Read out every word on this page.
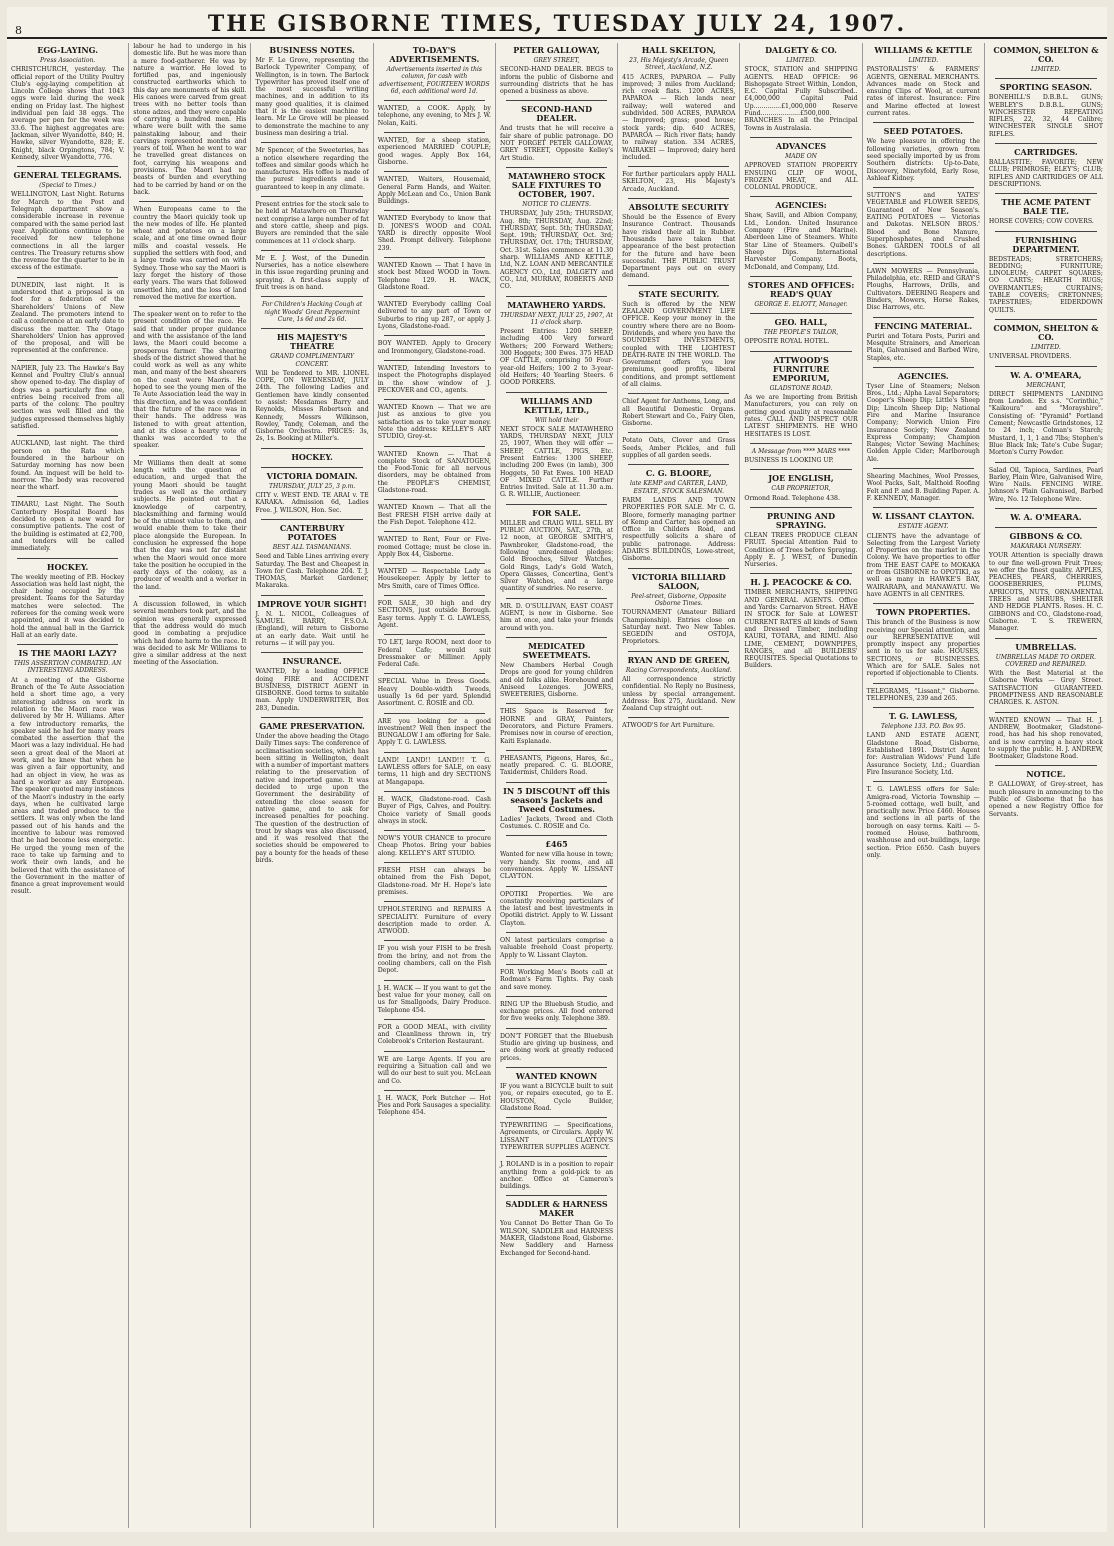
8	THE GISBORNE TIMES, TUESDAY JULY 24, 1907.
EGG-LAYING.
Press Association.
CHRISTCHURCH, yesterday. The official report of the Utility Poultry Club's egg-laying competition at Lincoln College shows that 1043 eggs were laid during the week ending on Friday last. The highest individual pen laid 38 eggs. The average per pen for the week was 33.6. The highest aggregates are: Jackman, silver Wyandotte, 840; H. Hawke, silver Wyandotte, 828; E. Knight, black Orpingtons, 784; V. Kennedy, silver Wyandotte, 776.
GENERAL TELEGRAMS.
(Special to Times.)
WELLINGTON, Last Night. Returns for March to the Post and Telegraph department show a considerable increase in revenue compared with the same period last year. Applications continue to be received for new telephone connections in all the larger centres. The Treasury returns show the revenue for the quarter to be in excess of the estimate.
DUNEDIN, last night. It is understood that a proposal is on foot for a federation of the Shareholders' Unions of New Zealand. The promoters intend to call a conference at an early date to discuss the matter. The Otago Shareholders' Union has approved of the proposal, and will be represented at the conference.
NAPIER, July 23. The Hawke's Bay Kennel and Poultry Club's annual show opened to-day. The display of dogs was a particularly fine one, entries being received from all parts of the colony. The poultry section was well filled and the judges expressed themselves highly satisfied.
AUCKLAND, last night. The third person on the Rata which foundered in the harbour on Saturday morning has now been found. An inquest will be held to-morrow. The body was recovered near the wharf.
TIMARU, Last Night. The South Canterbury Hospital Board has decided to open a new ward for consumptive patients. The cost of the building is estimated at £2,700, and tenders will be called immediately.
HOCKEY.
The weekly meeting of P.B. Hockey Association was held last night, the chair being occupied by the president. Teams for the Saturday matches were selected. The referees for the coming week were appointed, and it was decided to hold the annual ball in the Garrick Hall at an early date.
IS THE MAORI LAZY?
THIS ASSERTION COMBATED. AN INTERESTING ADDRESS.
At a meeting of the Gisborne Branch of the Te Aute Association held a short time ago, a very interesting address on work in relation to the Maori race was delivered by Mr H. Williams. After a few introductory remarks, the speaker said he had for many years combated the assertion that the Maori was a lazy individual. He had seen a great deal of the Maori at work, and he knew that when he was given a fair opportunity, and had an object in view, he was as hard a worker as any European. The speaker quoted many instances of the Maori's industry in the early days, when he cultivated large areas and traded produce to the settlers. It was only when the land passed out of his hands and the incentive to labour was removed that he had become less energetic. He urged the young men of the race to take up farming and to work their own lands, and he believed that with the assistance of the Government in the matter of finance a great improvement would result.
labour he had to undergo in his domestic life. But he was more than a mere food-gatherer. He was by nature a warrior. He loved to fortified pas, and ingeniously constructed earthworks which to this day are monuments of his skill. His canoes were carved from great trees with no better tools than stone adzes, and they were capable of carrying a hundred men. His whare were built with the same painstaking labour, and their carvings represented months and years of toil. When he went to war he travelled great distances on foot, carrying his weapons and provisions. The Maori had no beasts of burden and everything had to be carried by hand or on the back.
When Europeans came to the country the Maori quickly took up the new modes of life. He planted wheat and potatoes on a large scale, and at one time owned flour mills and coastal vessels. He supplied the settlers with food, and a large trade was carried on with Sydney. Those who say the Maori is lazy forget the history of those early years. The wars that followed unsettled him, and the loss of land removed the motive for exertion.
The speaker went on to refer to the present condition of the race. He said that under proper guidance and with the assistance of the land laws, the Maori could become a prosperous farmer. The shearing sheds of the district showed that he could work as well as any white man, and many of the best shearers on the coast were Maoris. He hoped to see the young men of the Te Aute Association lead the way in this direction, and he was confident that the future of the race was in their hands. The address was listened to with great attention, and at its close a hearty vote of thanks was accorded to the speaker.
Mr Williams then dealt at some length with the question of education, and urged that the young Maori should be taught trades as well as the ordinary subjects. He pointed out that a knowledge of carpentry, blacksmithing and farming would be of the utmost value to them, and would enable them to take their place alongside the European. In conclusion he expressed the hope that the day was not far distant when the Maori would once more take the position he occupied in the early days of the colony, as a producer of wealth and a worker in the land.
A discussion followed, in which several members took part, and the opinion was generally expressed that the address would do much good in combating a prejudice which had done harm to the race. It was decided to ask Mr Williams to give a similar address at the next meeting of the Association.
BUSINESS NOTES.
Mr F. Le Grove, representing the Barlock Typewriter Company, of Wellington, is in town. The Barlock Typewriter has proved itself one of the most successful writing machines, and in addition to its many good qualities, it is claimed that it is the easiest machine to learn. Mr Le Grove will be pleased to demonstrate the machine to any business man desiring a trial.
Mr Spencer, of the Sweeteries, has a notice elsewhere regarding the toffees and similar goods which he manufactures. His toffee is made of the purest ingredients and is guaranteed to keep in any climate.
Present entries for the stock sale to be held at Matawhero on Thursday next comprise a large number of fat and store cattle, sheep and pigs. Buyers are reminded that the sale commences at 11 o'clock sharp.
Mr E. J. West, of the Dunedin Nurseries, has a notice elsewhere in this issue regarding pruning and spraying. A first-class supply of fruit trees is on hand.
For Children's Hacking Cough at night Woods' Great Peppermint Cure, 1s 6d and 2s 6d.
HIS MAJESTY'S THEATRE
GRAND COMPLIMENTARY CONCERT.
Will be Tendered to MR. LIONEL COPE, ON WEDNESDAY, JULY 24th. The following Ladies and Gentlemen have kindly consented to assist: Mesdames Barry and Reynolds, Misses Robertson and Kennedy, Messrs Wilkinson, Rowley, Tandy, Coleman, and the Gisborne Orchestra. PRICES: 3s, 2s, 1s. Booking at Miller's.
HOCKEY.
VICTORIA DOMAIN.
THURSDAY, JULY 25, 3 p.m.
CITY v. WEST END. TE ARAI v. TE KARAKA. Admission 6d, Ladies Free. J. WILSON, Hon. Sec.
CANTERBURY POTATOES
BEST ALL TASMANIANS.
Seed and Table Lines arriving every Saturday. The Best and Cheapest in Town for Cash. Telephone 204. T. J. THOMAS, Market Gardener, Makaraka.
IMPROVE YOUR SIGHT!
J. N. L. NICOL, Colleagues of SAMUEL BARRY, F.S.O.A. (England), will return to Gisborne at an early date. Wait until he returns — it will pay you.
INSURANCE.
WANTED, by a leading OFFICE doing FIRE and ACCIDENT BUSINESS, DISTRICT AGENT in GISBORNE. Good terms to suitable man. Apply UNDERWRITER, Box 283, Dunedin.
GAME PRESERVATION.
Under the above heading the Otago Daily Times says: The conference of acclimatisation societies, which has been sitting in Wellington, dealt with a number of important matters relating to the preservation of native and imported game. It was decided to urge upon the Government the desirability of extending the close season for native game, and to ask for increased penalties for poaching. The question of the destruction of trout by shags was also discussed, and it was resolved that the societies should be empowered to pay a bounty for the heads of these birds.
TO-DAY'S ADVERTISEMENTS.
Advertisements inserted in this column, for cash with advertisement, FOURTEEN WORDS 6d, each additional word 1d.
WANTED, a COOK. Apply, by telephone, any evening, to Mrs J. W. Nolan, Kaiti.
WANTED, for a sheep station, experienced MARRIED COUPLE; good wages. Apply Box 164, Gisborne.
WANTED, Waiters, Housemaid, General Farm Hands, and Waiter. Apply McLean and Co., Union Bank Buildings.
WANTED Everybody to know that D. JONES'S WOOD and COAL YARD is directly opposite Wool Shed. Prompt delivery. Telephone 239.
WANTED Known — That I have in stock best Mixed WOOD in Town. Telephone 129. H. WACK, Gladstone Road.
WANTED Everybody calling Coal delivered to any part of Town or Suburbs to ring up 287, or apply J. Lyons, Gladstone-road.
BOY WANTED. Apply to Grocery and Ironmongery, Gladstone-road.
WANTED, Intending Investors to inspect the Photographs displayed in the show window of J. PECKOVER and CO., agents.
WANTED Known — That we are just as anxious to give you satisfaction as to take your money. Note the address: KELLEY'S ART STUDIO, Grey-st.
WANTED Known — That a complete Stock of SANATOGEN, the Food-Tonic for all nervous disorders, may be obtained from the PEOPLE'S CHEMIST, Gladstone-road.
WANTED Known — That all the Best FRESH FISH arrive daily at the Fish Depot. Telephone 412.
WANTED to Rent, Four or Five-roomed Cottage; must be close in. Apply Box 44, Gisborne.
WANTED — Respectable Lady as Housekeeper. Apply by letter to Mrs Smith, care of Times Office.
FOR SALE, 30 high and dry SECTIONS, just outside Borough. Easy terms. Apply T. G. LAWLESS, Agent.
TO LET, large ROOM, next door to Federal Cafe; would suit Dressmaker or Milliner. Apply Federal Cafe.
SPECIAL Value in Dress Goods. Heavy Double-width Tweeds, usually 1s 6d per yard. Splendid Assortment. C. ROSIE and CO.
ARE you looking for a good investment? Well then inspect the BUNGALOW I am offering for Sale. Apply T. G. LAWLESS.
LAND! LAND!! LAND!!! T. G. LAWLESS offers for SALE, on easy terms, 11 high and dry SECTIONS at Mangapapa.
H. WACK, Gladstone-road. Cash Buyer of Pigs, Calves, and Poultry. Choice variety of Small goods always in stock.
NOW'S YOUR CHANCE to procure Cheap Photos. Bring your babies along. KELLEY'S ART STUDIO.
FRESH FISH can always be obtained from the Fish Depot, Gladstone-road. Mr H. Hope's late premises.
UPHOLSTERING and REPAIRS A SPECIALITY. Furniture of every description made to order. A. ATWOOD.
IF you wish your FISH to be fresh from the briny, and not from the cooling chambers, call on the Fish Depot.
J. H. WACK — If you want to get the best value for your money, call on us for Smallgoods, Dairy Produce. Telephone 454.
FOR a GOOD MEAL, with civility and Cleanliness thrown in, try Colebrook's Criterion Restaurant.
WE are Large Agents. If you are requiring a Situation call and we will do our best to suit you. McLean and Co.
J. H. WACK, Pork Butcher — Hot Pies and Pork Sausages a speciality. Telephone 454.
PETER GALLOWAY,
GREY STREET,
SECOND-HAND DEALER. BEGS to inform the public of Gisborne and surrounding districts that he has opened a business as above.
SECOND-HAND DEALER.
And trusts that he will receive a fair share of public patronage. DO NOT FORGET PETER GALLOWAY, GREY STREET, Opposite Kelley's Art Studio.
MATAWHERO STOCK SALE FIXTURES TO OCTOBER, 1907.
NOTICE TO CLIENTS.
THURSDAY, July 25th; THURSDAY, Aug. 8th; THURSDAY, Aug. 22nd; THURSDAY, Sept. 5th; THURSDAY, Sept. 19th; THURSDAY, Oct. 3rd; THURSDAY, Oct. 17th; THURSDAY, Oct. 31st. Sales commence at 11.30 sharp. WILLIAMS AND KETTLE, Ltd, N.Z. LOAN AND MERCANTILE AGENCY CO., Ltd, DALGETY and CO., Ltd, MURRAY, ROBERTS AND CO.
MATAWHERO YARDS.
THURSDAY NEXT, JULY 25, 1907, At 11 o'clock sharp.
Present Entries: 1200 SHEEP, including 400 Very forward Wethers; 200 Forward Wethers; 300 Hoggets; 300 Ewes. 375 HEAD OF CATTLE, comprising 50 Four-year-old Heifers; 100 2 to 3-year-old Heifers; 40 Yearling Steers. 6 GOOD PORKERS.
WILLIAMS AND KETTLE, LTD.,
Will hold their
NEXT STOCK SALE MATAWHERO YARDS, THURSDAY NEXT, JULY 25, 1907, When they will offer — SHEEP, CATTLE, PIGS, Etc. Present Entries: 1300 SHEEP, including 200 Ewes (in lamb), 300 Hoggets, 50 Fat Ewes. 100 HEAD OF MIXED CATTLE. Further Entries Invited. Sale at 11.30 a.m. G. R. WILLIE, Auctioneer.
FOR SALE.
MILLER and CRAIG WILL SELL BY PUBLIC AUCTION, SAT., 27th, at 12 noon, at GEORGE SMITH'S, Pawnbroker, Gladstone-road, the following unredeemed pledges: Gold Brooches, Silver Watches, Gold Rings, Lady's Gold Watch, Opera Glasses, Concertina, Gent's Silver Watches, and a large quantity of sundries. No reserve.
MR. D. O'SULLIVAN, EAST COAST AGENT, is now in Gisborne. See him at once, and take your friends around with you.
MEDICATED SWEETMEATS.
New Chambers Herbal Cough Drops are good for young children and old folks alike. Horehound and Aniseed Lozenges. JOWERS, SWEETERIES, Gisborne.
THIS Space is Reserved for HORNE and GRAY, Painters, Decorators, and Picture Framers. Premises now in course of erection, Kaiti Esplanade.
PHEASANTS, Pigeons, Hares, &c., neatly prepared. C. G. BLOORE, Taxidermist, Childers Road.
IN 5 DISCOUNT off this season's Jackets and Tweed Costumes.
Ladies' Jackets, Tweed and Cloth Costumes. C. ROSIE and Co.
£465
Wanted for new villa house in town; very handy. Six rooms, and all conveniences. Apply W. LISSANT CLAYTON.
OPOTIKI Properties. We are constantly receiving particulars of the latest and best investments in Opotiki district. Apply to W. Lissant Clayton.
ON latest particulars comprise a valuable freehold Coast property. Apply to W. Lissant Clayton.
FOR Working Men's Boots call at Rodman's Farm Tights. Pay cash and save money.
RING UP the Bluebush Studio, and exchange prices. All food entered for five weeks only. Telephone 389.
DON'T FORGET that the Bluebush Studio are giving up business, and are doing work at greatly reduced prices.
WANTED KNOWN
IF you want a BICYCLE built to suit you, or repairs executed, go to E. HOUSTON, Cycle Builder, Gladstone Road.
TYPEWRITING — Specifications, Agreements, or Circulars. Apply W. LISSANT CLAYTON'S TYPEWRITER SUPPLIES AGENCY.
J. ROLAND is in a position to repair anything from a gold-pick to an anchor. Office at Cameron's buildings.
SADDLER & HARNESS MAKER
You Cannot Do Better Than Go To WILSON, SADDLER and HARNESS MAKER, Gladstone Road, Gisborne. New Saddlery and Harness Exchanged for Second-hand.
HALL SKELTON,
23, His Majesty's Arcade, Queen Street, Auckland, N.Z.
415 ACRES, PAPAROA — Fully improved; 3 miles from Auckland; rich creek flats. 1200 ACRES, PAPAROA — Rich lands near railway; well watered and subdivided. 500 ACRES, PAPAROA — Improved; grass; good house; stock yards; dip. 640 ACRES, PAPAROA — Rich river flats; handy to railway station. 334 ACRES, WAIRAKEI — Improved; dairy herd included.
For further particulars apply HALL SKELTON, 23, His Majesty's Arcade, Auckland.
ABSOLUTE SECURITY
Should be the Essence of Every Insurance Contract. Thousands have risked their all in Rubber. Thousands have taken that appearance of the best protection for the future and have been successful. THE PUBLIC TRUST Department pays out on every demand.
STATE SECURITY.
Such is offered by the NEW ZEALAND GOVERNMENT LIFE OFFICE. Keep your money in the country where there are no Boom-Dividends, and where you have the SOUNDEST INVESTMENTS, coupled with THE LIGHTEST DEATH-RATE IN THE WORLD. The Government offers you low premiums, good profits, liberal conditions, and prompt settlement of all claims.
Chief Agent for Anthems, Long, and all Beautiful Domestic Organs. Robert Stewart and Co., Fairy Glen, Gisborne.
Potato Oats, Clover and Grass Seeds, Amber Pickles, and full supplies of all garden seeds.
C. G. BLOORE,
late KEMP and CARTER, LAND, ESTATE, STOCK SALESMAN.
FARM LANDS AND TOWN PROPERTIES FOR SALE. Mr C. G. Bloore, formerly managing partner of Kemp and Carter, has opened an Office in Childers Road, and respectfully solicits a share of public patronage. Address: ADAIR'S BUILDINGS, Lowe-street, Gisborne.
VICTORIA BILLIARD SALOON,
Peel-street, Gisborne, Opposite Osborne Times.
TOURNAMENT (Amateur Billiard Championship). Entries close on Saturday next. Two New Tables. SEGEDIN and OSTOJA, Proprietors.
RYAN AND DE GREEN,
Racing Correspondents, Auckland.
All correspondence strictly confidential. No Reply no Business, unless by special arrangement. Address: Box 275, Auckland. New Zealand Cup straight out.
ATWOOD'S for Art Furniture.
DALGETY & CO.
LIMITED.
STOCK, STATION and SHIPPING AGENTS. HEAD OFFICE: 96 Bishopsgate Street Within, London, E.C. Capital Fully Subscribed..£4,000,000 Capital Paid Up..............£1,000,000 Reserve Fund....................£500,000. BRANCHES In all the Principal Towns in Australasia.
ADVANCES
MADE ON
APPROVED STATION PROPERTY ENSUING CLIP OF WOOL, FROZEN MEAT, and ALL COLONIAL PRODUCE.
AGENCIES:
Shaw, Savill, and Albion Company, Ltd., London. United Insurance Company (Fire and Marine). Aberdeen Line of Steamers. White Star Line of Steamers. Quibell's Sheep Dips. International Harvester Company. Boots, McDonald, and Company, Ltd.
STORES AND OFFICES: READ'S QUAY
GEORGE E. ELIOTT, Manager.
GEO. HALL,
THE PEOPLE'S TAILOR,
OPPOSITE ROYAL HOTEL.
ATTWOOD'S FURNITURE EMPORIUM,
GLADSTONE ROAD.
As we are Importing from British Manufacturers, you can rely on getting good quality at reasonable rates. CALL AND INSPECT OUR LATEST SHIPMENTS. HE WHO HESITATES IS LOST.
A Message from **** MARS ****
BUSINESS IS LOOKING UP.
JOE ENGLISH,
CAB PROPRIETOR,
Ormond Road. Telephone 438.
PRUNING AND SPRAYING.
CLEAN TREES PRODUCE CLEAN FRUIT. Special Attention Paid to Condition of Trees before Spraying. Apply E. J. WEST, of Dunedin Nurseries.
H. J. PEACOCKE & CO.
TIMBER MERCHANTS, SHIPPING AND GENERAL AGENTS. Office and Yards: Carnarvon Street. HAVE IN STOCK for Sale at LOWEST CURRENT RATES all kinds of Sawn and Dressed Timber, including KAURI, TOTARA, and RIMU. Also LIME, CEMENT, DOWNPIPES, RANGES, and all BUILDERS' REQUISITES. Special Quotations to Builders.
WILLIAMS & KETTLE
LIMITED.
PASTORALISTS' & FARMERS' AGENTS, GENERAL MERCHANTS. Advances made on Stock and ensuing Clips of Wool, at current rates of interest. Insurance: Fire and Marine effected at lowest current rates.
SEED POTATOES.
We have pleasure in offering the following varieties, grown from seed specially imported by us from Southern districts: Up-to-Date, Discovery, Ninetyfold, Early Rose, Ashleaf Kidney.
SUTTON'S and YATES' VEGETABLE and FLOWER SEEDS, Guaranteed of New Season's. EATING POTATOES — Victorias and Dakotas. NELSON BROS.' Blood and Bone Manure, Superphosphates, and Crushed Bones. GARDEN TOOLS of all descriptions.
LAWN MOWERS — Pennsylvania, Philadelphia, etc. REID and GRAY'S Ploughs, Harrows, Drills, and Cultivators. DEERING Reapers and Binders, Mowers, Horse Rakes, Disc Harrows, etc.
FENCING MATERIAL.
Puriri and Totara Posts, Puriri and Mesquite Strainers, and American Plain, Galvanised and Barbed Wire, Staples, etc.
AGENCIES.
Tyser Line of Steamers; Nelson Bros., Ltd.; Alpha Laval Separators; Cooper's Sheep Dip; Little's Sheep Dip; Lincoln Sheep Dip; National Fire and Marine Insurance Company; Norwich Union Fire Insurance Society; New Zealand Express Company; Champion Ranges; Victor Sewing Machines; Golden Apple Cider; Marlborough Ale.
Shearing Machines, Wool Presses, Wool Packs, Salt, Malthoid Roofing Felt and P. and B. Building Paper. A. F. KENNEDY, Manager.
W. LISSANT CLAYTON.
ESTATE AGENT.
CLIENTS have the advantage of Selecting from the Largest Variety of Properties on the market in the Colony. We have properties to offer from THE EAST CAPE to MOKAKA or from GISBORNE to OPOTIKI, as well as many in HAWKE'S BAY, WAIRARAPA, and MANAWATU. We have AGENTS in all CENTRES.
TOWN PROPERTIES.
This branch of the Business is now receiving our Special attention, and our REPRESENTATIVE will promptly inspect any properties sent in to us for sale. HOUSES, SECTIONS, or BUSINESSES. Which are for SALE. Sales not reported if objectionable to Clients.
TELEGRAMS, "Lissant," Gisborne. TELEPHONES, 239 and 265.
T. G. LAWLESS,
Telephone 133. P.O. Box 95.
LAND AND ESTATE AGENT, Gladstone Road, Gisborne, Established 1891. District Agent for: Australian Widows' Fund Life Assurance Society, Ltd.; Guardian Fire Insurance Society, Ltd.
T. G. LAWLESS offers for Sale: Amigra-road, Victoria Township — 5-roomed cottage, well built, and practically new. Price £460. Houses and sections in all parts of the borough on easy terms. Kaiti — 5-roomed House, bathroom, washhouse and out-buildings, large section. Price £650. Cash buyers only.
COMMON, SHELTON & CO.
LIMITED.
SPORTING SEASON.
BONEHILL'S D.B.B.L. GUNS; WEBLEY'S D.B.B.L. GUNS; WINCHESTER REPEATING RIFLES, 22, 32, 44 Calibre; WINCHESTER SINGLE SHOT RIFLES.
CARTRIDGES.
BALLASTITE; FAVORITE; NEW CLUB; PRIMROSE; ELEY'S; CLUB; RIFLES AND CARTRIDGES OF ALL DESCRIPTIONS.
THE ACME PATENT BALE TIE.
HORSE COVERS; COW COVERS.
FURNISHING DEPARTMENT.
BEDSTEADS; STRETCHERS; BEDDING; FURNITURE; LINOLEUM; CARPET SQUARES; GO CARTS; HEARTH RUGS; OVERMANTLES; CURTAINS; TABLE COVERS; CRETONNES; TAPESTRIES; EIDERDOWN QUILTS.
COMMON, SHELTON & CO.
LIMITED.
UNIVERSAL PROVIDERS.
W. A. O'MEARA,
MERCHANT,
DIRECT SHIPMENTS LANDING from London. Ex s.s. "Corinthic," "Kaikoura" and "Morayshire". Consisting of: "Pyramid" Portland Cement; Newcastle Grindstones, 12 to 24 inch; Colman's Starch; Mustard, 1, 1, 1 and 7lbs; Stephen's Blue Black Ink; Tate's Cube Sugar; Morton's Curry Powder.
Salad Oil, Tapioca, Sardines, Pearl Barley, Plain Wire, Galvanised Wire, Wire Nails. FENCING WIRE. Johnson's Plain Galvanised, Barbed Wire, No. 12 Telephone Wire.
W. A. O'MEARA.
GIBBONS & CO.
MAKARAKA NURSERY.
YOUR Attention is specially drawn to our fine well-grown Fruit Trees; we offer the finest quality. APPLES, PEACHES, PEARS, CHERRIES, GOOSEBERRIES, PLUMS, APRICOTS, NUTS, ORNAMENTAL TREES and SHRUBS, SHELTER AND HEDGE PLANTS. Roses. H. C. GIBBONS and CO., Gladstone-road, Gisborne. T. S. TREWERN, Manager.
UMBRELLAS.
UMBRELLAS MADE TO ORDER. COVERED and REPAIRED.
With the Best Material at the Gisborne Works — Grey Street. SATISFACTION GUARANTEED. PROMPTNESS AND REASONABLE CHARGES. K. ASTON.
WANTED KNOWN — That H. J. ANDREW, Bootmaker, Gladstone-road, has had his shop renovated, and is now carrying a heavy stock to supply the public. H. J. ANDREW, Bootmaker, Gladstone Road.
NOTICE.
P. GALLOWAY, of Grey-street, has much pleasure in announcing to the Public of Gisborne that he has opened a new Registry Office for Servants.
